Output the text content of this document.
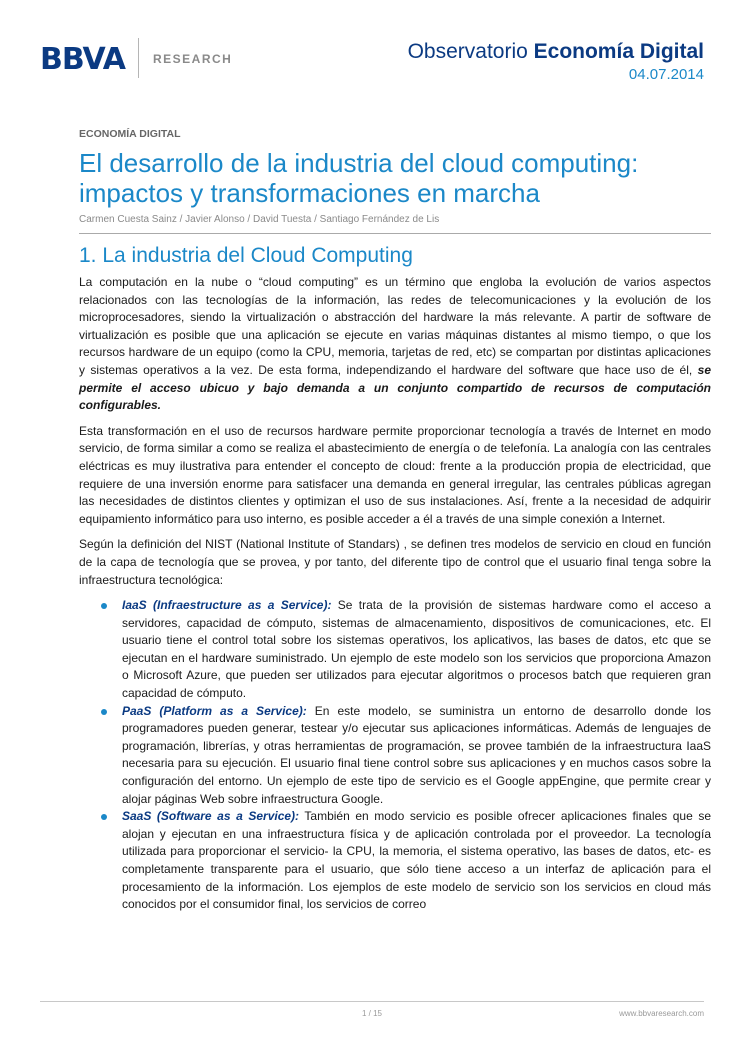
BBVA RESEARCH	Observatorio Economía Digital
04.07.2014
ECONOMÍA DIGITAL
El desarrollo de la industria del cloud computing:
impactos y transformaciones en marcha
Carmen Cuesta Sainz / Javier Alonso / David Tuesta / Santiago Fernández de Lis
1. La industria del Cloud Computing

La computación en la nube o “cloud computing” es un término que engloba la evolución de varios aspectos relacionados con las tecnologías de la información, las redes de telecomunicaciones y la evolución de los microprocesadores, siendo la virtualización o abstracción del hardware la más relevante. A partir de software de virtualización es posible que una aplicación se ejecute en varias máquinas distantes al mismo tiempo, o que los recursos hardware de un equipo (como la CPU, memoria, tarjetas de red, etc) se compartan por distintas aplicaciones y sistemas operativos a la vez. De esta forma, independizando el hardware del software que hace uso de él, se permite el acceso ubicuo y bajo demanda a un conjunto compartido de recursos de computación configurables.

Esta transformación en el uso de recursos hardware permite proporcionar tecnología a través de Internet en modo servicio, de forma similar a como se realiza el abastecimiento de energía o de telefonía. La analogía con las centrales eléctricas es muy ilustrativa para entender el concepto de cloud: frente a la producción propia de electricidad, que requiere de una inversión enorme para satisfacer una demanda en general irregular, las centrales públicas agregan las necesidades de distintos clientes y optimizan el uso de sus instalaciones. Así, frente a la necesidad de adquirir equipamiento informático para uso interno, es posible acceder a él a través de una simple conexión a Internet.

Según la definición del NIST (National Institute of Standars) , se definen tres modelos de servicio en cloud en función de la capa de tecnología que se provea, y por tanto, del diferente tipo de control que el usuario final tenga sobre la infraestructura tecnológica:

IaaS (Infraestructure as a Service): Se trata de la provisión de sistemas hardware como el acceso a servidores, capacidad de cómputo, sistemas de almacenamiento, dispositivos de comunicaciones, etc. El usuario tiene el control total sobre los sistemas operativos, los aplicativos, las bases de datos, etc que se ejecutan en el hardware suministrado. Un ejemplo de este modelo son los servicios que proporciona Amazon o Microsoft Azure, que pueden ser utilizados para ejecutar algoritmos o procesos batch que requieren gran capacidad de cómputo.
PaaS (Platform as a Service): En este modelo, se suministra un entorno de desarrollo donde los programadores pueden generar, testear y/o ejecutar sus aplicaciones informáticas. Además de lenguajes de programación, librerías, y otras herramientas de programación, se provee también de la infraestructura IaaS necesaria para su ejecución. El usuario final tiene control sobre sus aplicaciones y en muchos casos sobre la configuración del entorno. Un ejemplo de este tipo de servicio es el Google appEngine, que permite crear y alojar páginas Web sobre infraestructura Google.
SaaS (Software as a Service): También en modo servicio es posible ofrecer aplicaciones finales que se alojan y ejecutan en una infraestructura física y de aplicación controlada por el proveedor. La tecnología utilizada para proporcionar el servicio- la CPU, la memoria, el sistema operativo, las bases de datos, etc- es completamente transparente para el usuario, que sólo tiene acceso a un interfaz de aplicación para el procesamiento de la información. Los ejemplos de este modelo de servicio son los servicios en cloud más conocidos por el consumidor final, los servicios de correo
1 / 15	www.bbvaresearch.com
